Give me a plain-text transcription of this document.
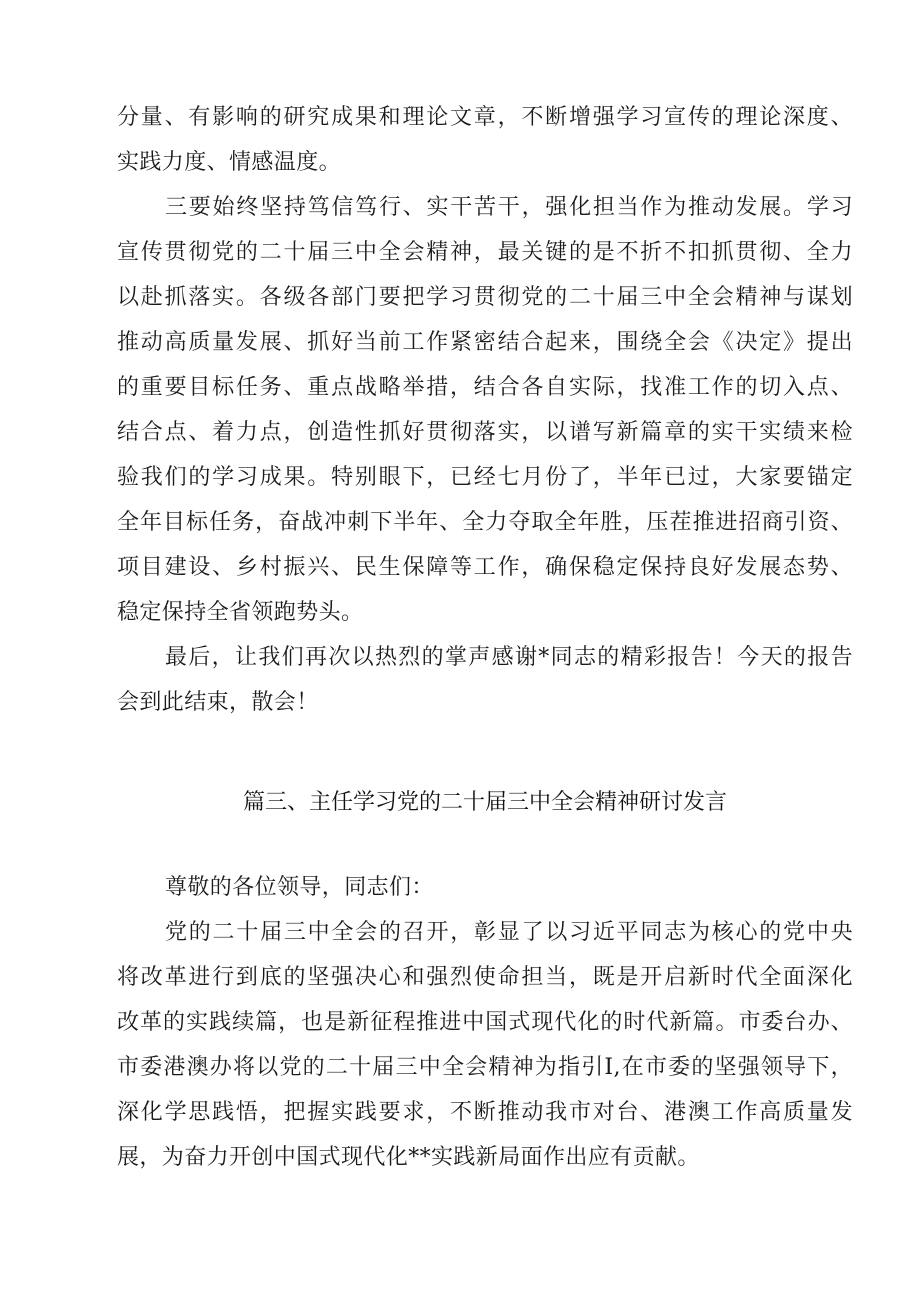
分量、有影响的研究成果和理论文章，不断增强学习宣传的理论深度、
实践力度、情感温度。
三要始终坚持笃信笃行、实干苦干，强化担当作为推动发展。学习
宣传贯彻党的二十届三中全会精神，最关键的是不折不扣抓贯彻、全力
以赴抓落实。各级各部门要把学习贯彻党的二十届三中全会精神与谋划
推动高质量发展、抓好当前工作紧密结合起来，围绕全会《决定》提出
的重要目标任务、重点战略举措，结合各自实际，找准工作的切入点、
结合点、着力点，创造性抓好贯彻落实，以谱写新篇章的实干实绩来检
验我们的学习成果。特别眼下，已经七月份了，半年已过，大家要锚定
全年目标任务，奋战冲刺下半年、全力夺取全年胜，压茬推进招商引资、
项目建设、乡村振兴、民生保障等工作，确保稳定保持良好发展态势、
稳定保持全省领跑势头。
最后，让我们再次以热烈的掌声感谢*同志的精彩报告！今天的报告
会到此结束，散会！
篇三、主任学习党的二十届三中全会精神研讨发言
尊敬的各位领导，同志们：
党的二十届三中全会的召开，彰显了以习近平同志为核心的党中央
将改革进行到底的坚强决心和强烈使命担当，既是开启新时代全面深化
改革的实践续篇，也是新征程推进中国式现代化的时代新篇。市委台办、
市委港澳办将以党的二十届三中全会精神为指引I,在市委的坚强领导下，
深化学思践悟，把握实践要求，不断推动我市对台、港澳工作高质量发
展，为奋力开创中国式现代化**实践新局面作出应有贡献。
